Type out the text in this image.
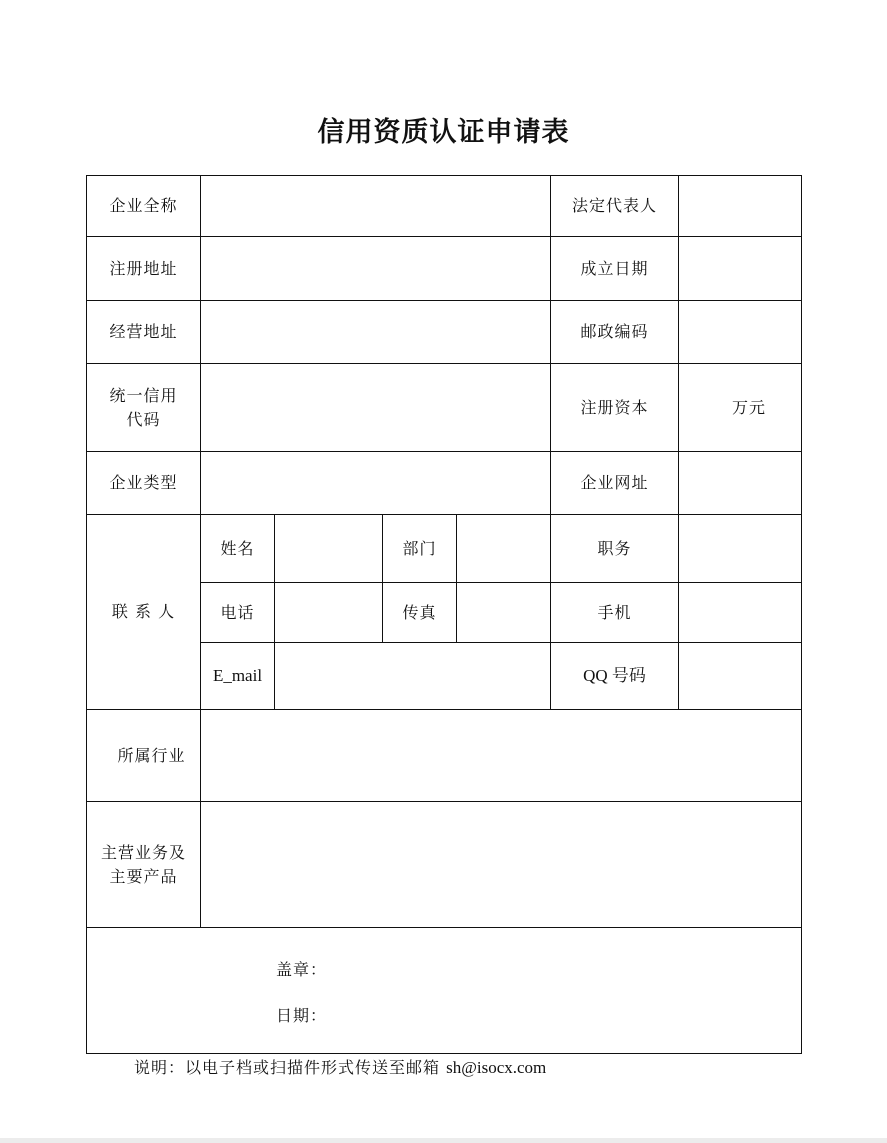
信用资质认证申请表
企业全称	法定代表人
注册地址	成立日期
经营地址	邮政编码
统一信用
代码
注册资本	万元
企业类型	企业网址
联 系 人
姓名	部门	职务
电话	传真	手机
E_mail	QQ 号码
所属行业
主营业务及
主要产品
盖章：
日期：
说明：以电子档或扫描件形式传送至邮箱 sh@isocx.com
